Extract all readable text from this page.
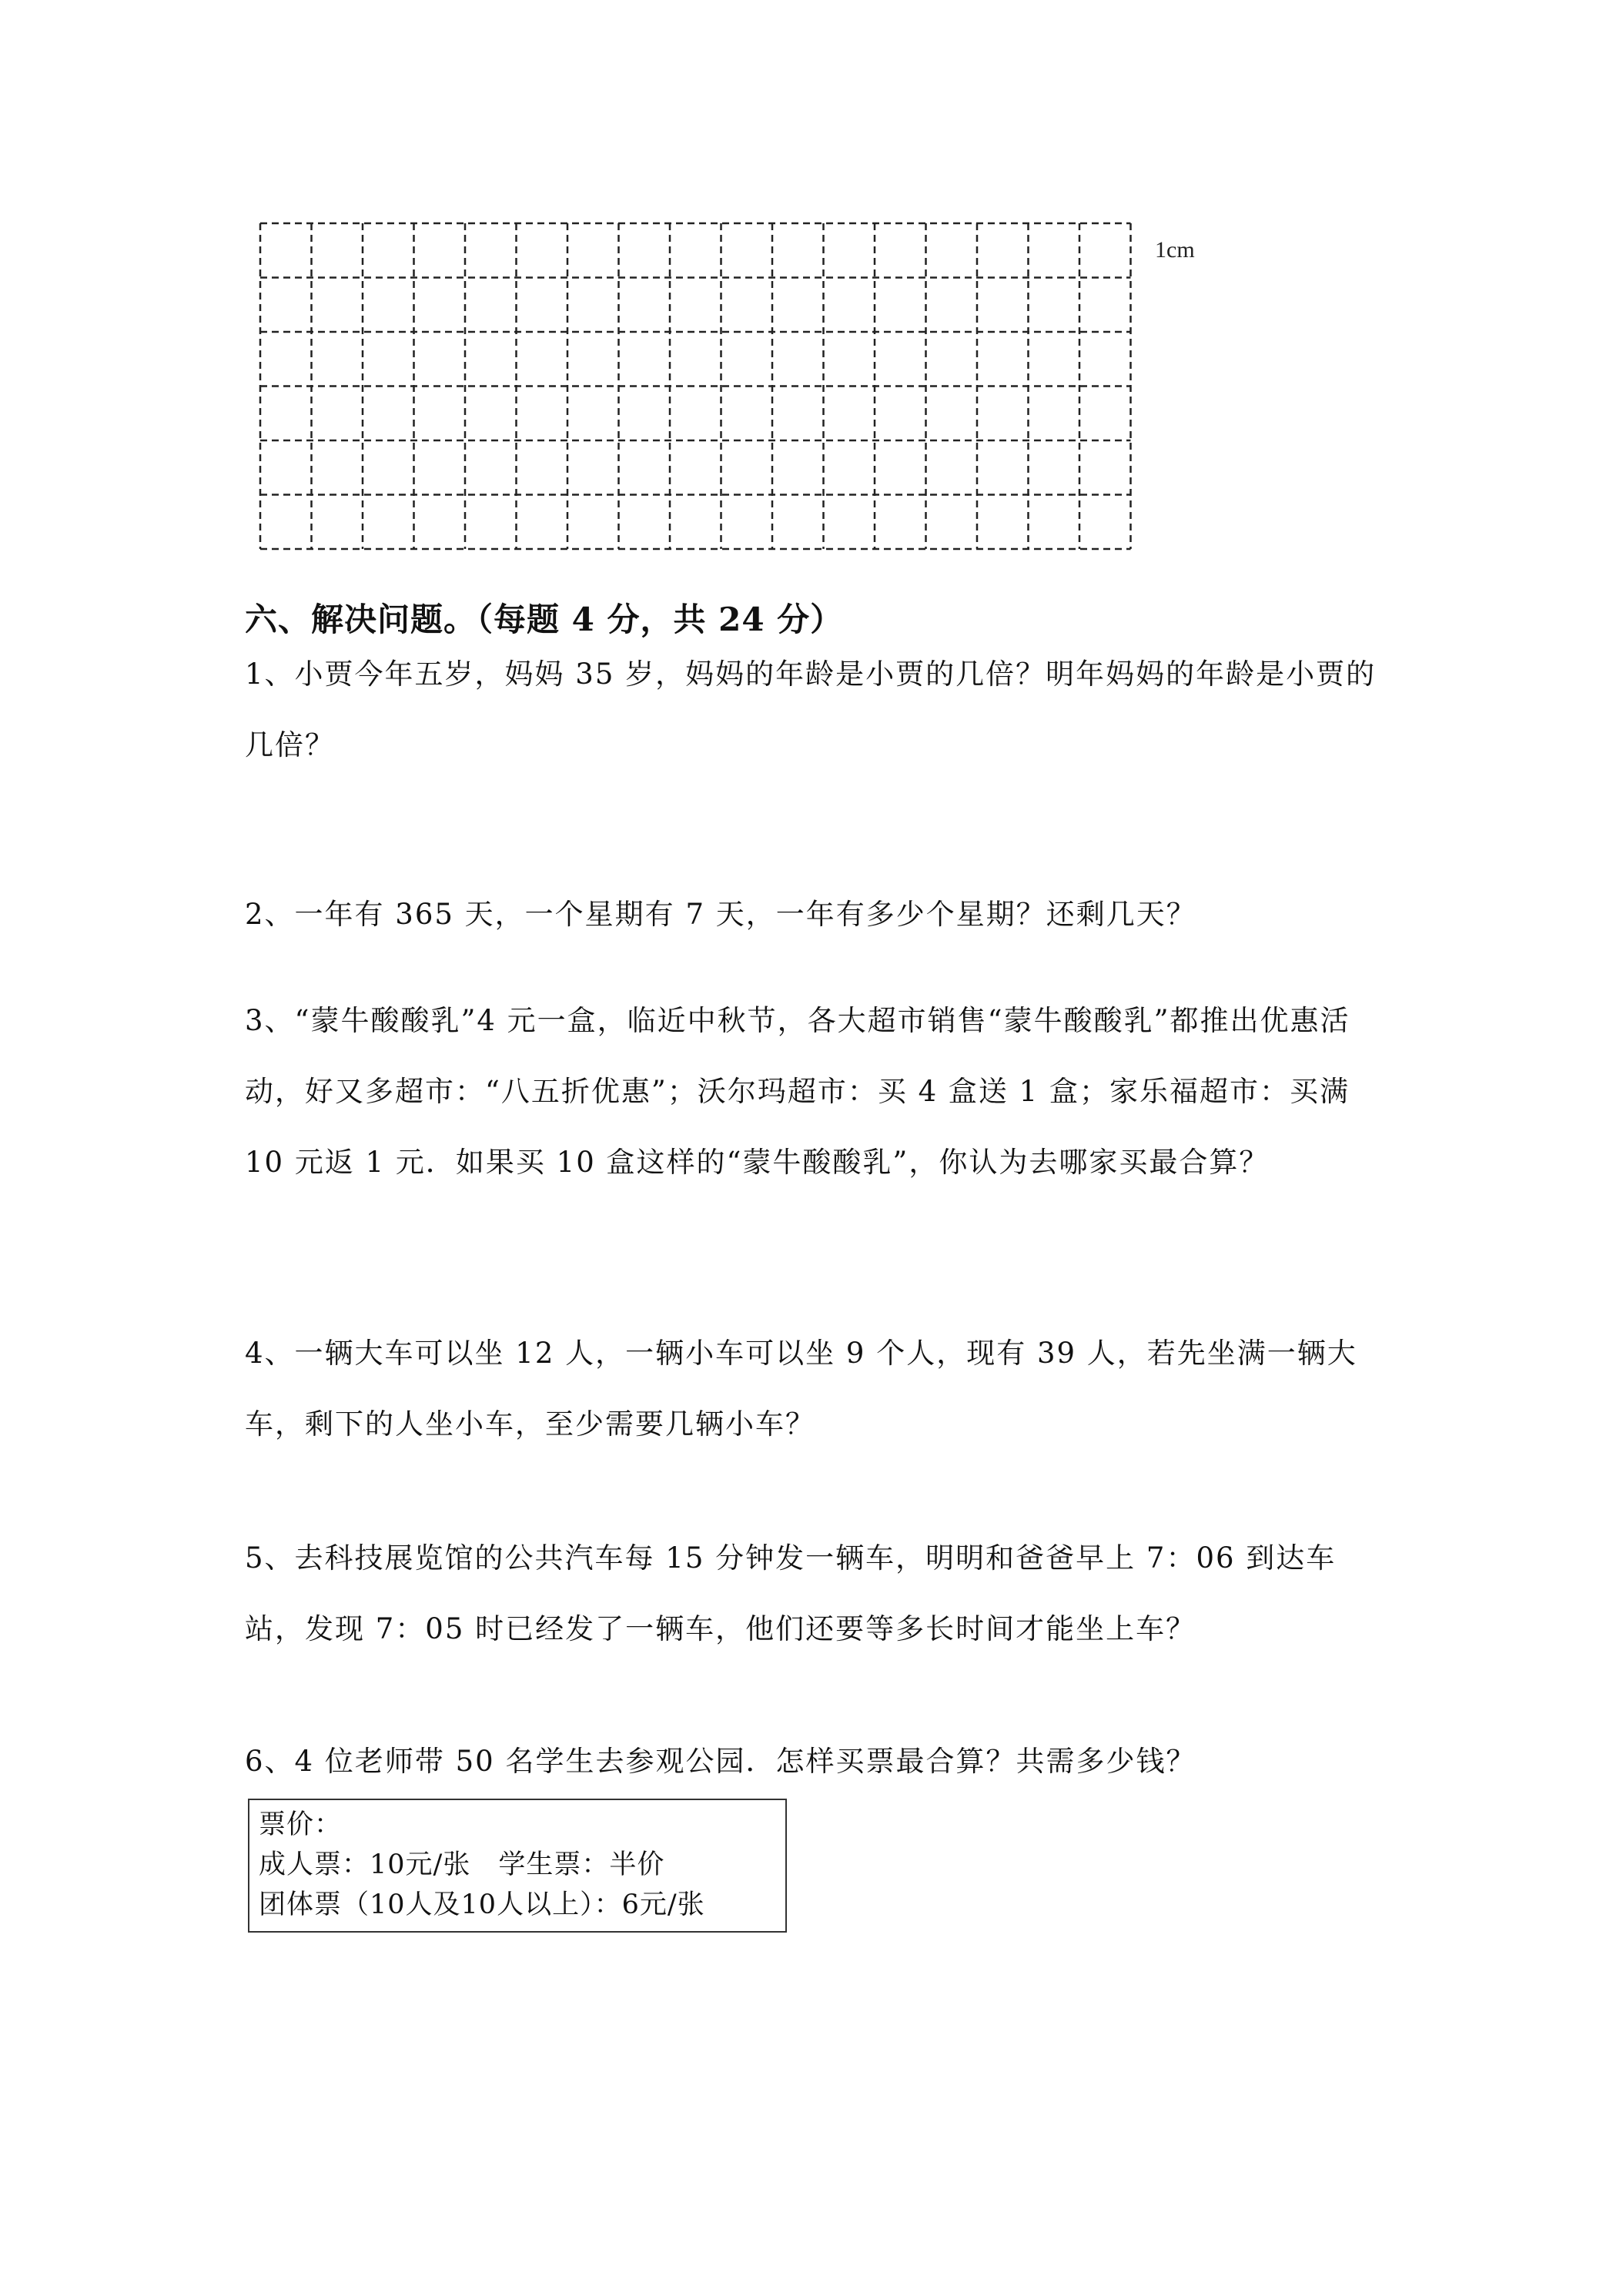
1cm
六、解决问题。（每题 4 分，共 24 分）
1、小贾今年五岁，妈妈 35 岁，妈妈的年龄是小贾的几倍？明年妈妈的年龄是小贾的几倍？
2、一年有 365 天，一个星期有 7 天，一年有多少个星期？还剩几天？
3、“蒙牛酸酸乳”4 元一盒，临近中秋节，各大超市销售“蒙牛酸酸乳”都推出优惠活动，好又多超市：“八五折优惠”；沃尔玛超市：买 4 盒送 1 盒；家乐福超市：买满 10 元返 1 元．如果买 10 盒这样的“蒙牛酸酸乳”，你认为去哪家买最合算？
4、一辆大车可以坐 12 人，一辆小车可以坐 9 个人，现有 39 人，若先坐满一辆大车，剩下的人坐小车，至少需要几辆小车？
5、去科技展览馆的公共汽车每 15 分钟发一辆车，明明和爸爸早上 7：06 到达车站，发现 7：05 时已经发了一辆车，他们还要等多长时间才能坐上车？
6、4 位老师带 50 名学生去参观公园．怎样买票最合算？共需多少钱？
票价：
成人票：10元/张　学生票：半价
团体票（10人及10人以上）：6元/张
